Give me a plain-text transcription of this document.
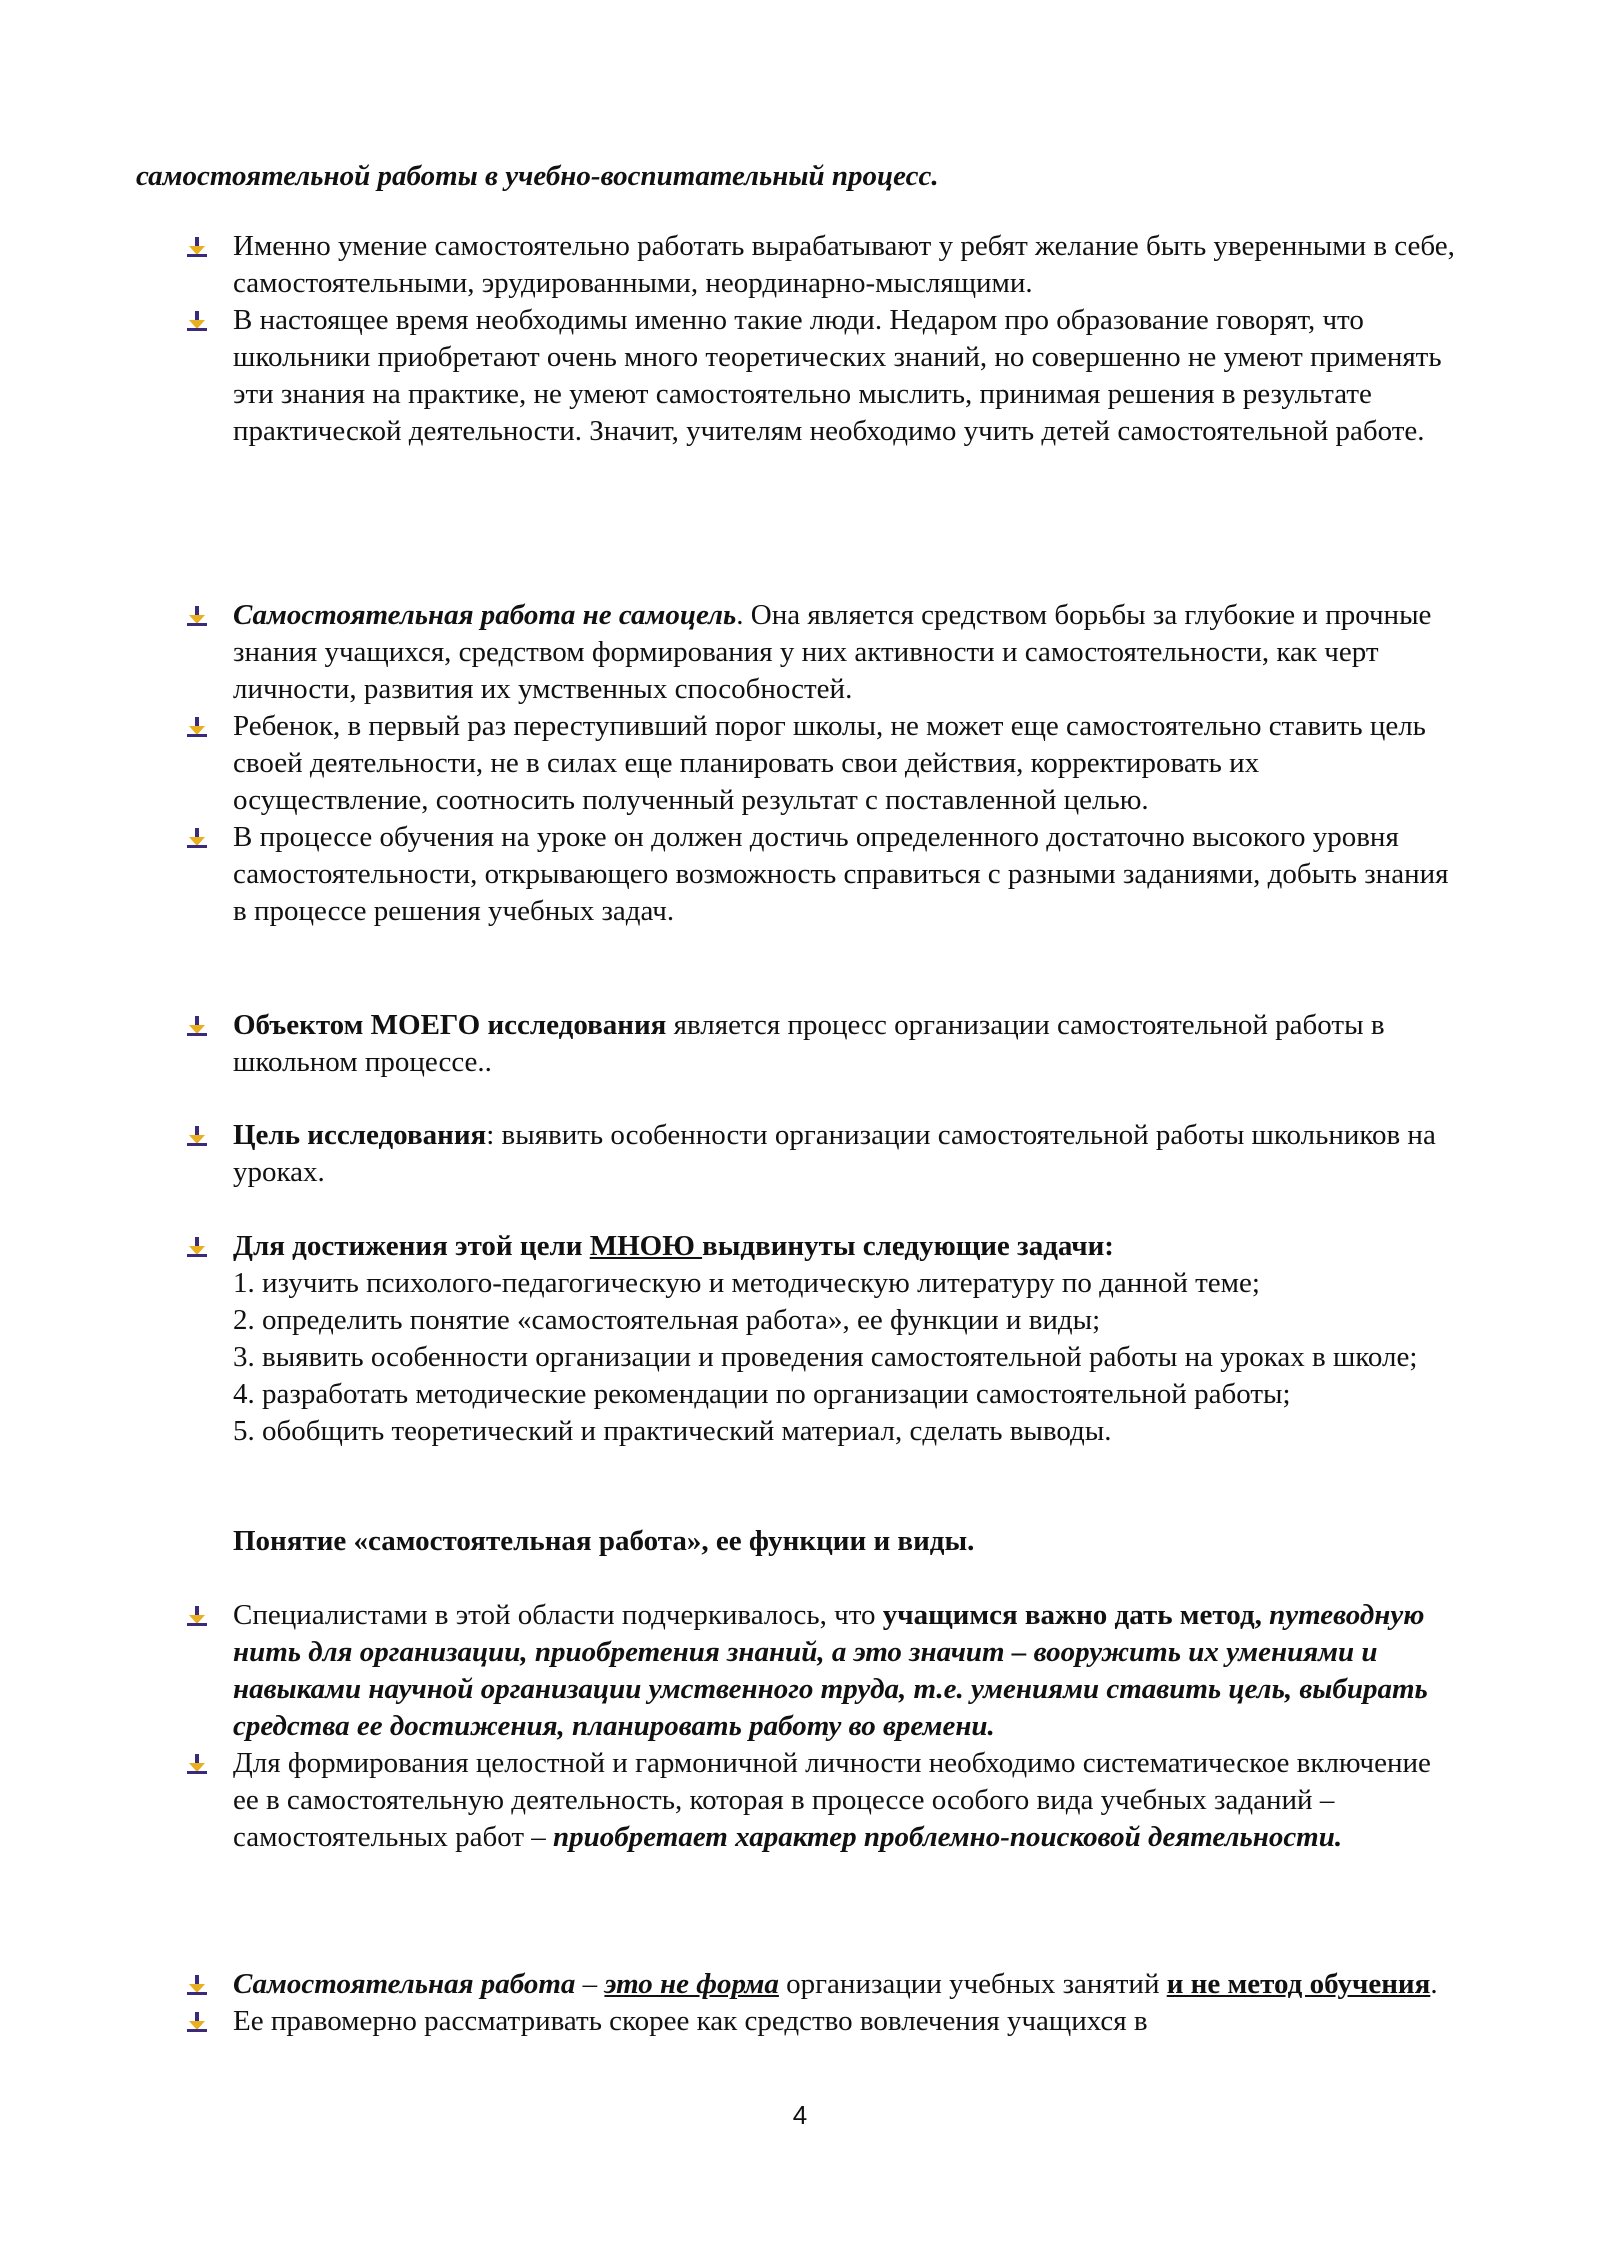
самостоятельной работы в учебно-воспитательный процесс.
Именно умение самостоятельно работать вырабатывают у ребят желание быть уверенными в себе, самостоятельными, эрудированными, неординарно-мыслящими.
В настоящее время необходимы именно такие люди. Недаром про образование говорят, что школьники приобретают очень много теоретических знаний, но совершенно не умеют применять эти знания на практике, не умеют самостоятельно мыслить, принимая решения в результате практической деятельности. Значит, учителям необходимо учить детей самостоятельной работе.
Самостоятельная работа не самоцель. Она является средством борьбы за глубокие и прочные знания учащихся, средством формирования у них активности и самостоятельности, как черт личности, развития их умственных способностей.
Ребенок, в первый раз переступивший порог школы, не может еще самостоятельно ставить цель своей деятельности, не в силах еще планировать свои действия, корректировать их осуществление, соотносить полученный результат с поставленной целью.
В процессе обучения на уроке он должен достичь определенного достаточно высокого уровня самостоятельности, открывающего возможность справиться с разными заданиями, добыть знания в процессе решения учебных задач.
Объектом МОЕГО исследования является процесс организации самостоятельной работы в школьном процессе..
Цель исследования: выявить особенности организации самостоятельной работы школьников на уроках.
Для достижения этой цели МНОЮ выдвинуты следующие задачи:
1. изучить психолого-педагогическую и методическую литературу по данной теме;
2. определить понятие «самостоятельная работа», ее функции и виды;
3. выявить особенности организации и проведения самостоятельной работы на уроках в школе;
4. разработать методические рекомендации по организации самостоятельной работы;
5. обобщить теоретический и практический материал, сделать выводы.
Понятие «самостоятельная работа», ее функции и виды.
Специалистами в этой области подчеркивалось, что учащимся важно дать метод, путеводную нить для организации, приобретения знаний, а это значит – вооружить их умениями и навыками научной организации умственного труда, т.е. умениями ставить цель, выбирать средства ее достижения, планировать работу во времени.
Для формирования целостной и гармоничной личности необходимо систематическое включение ее в самостоятельную деятельность, которая в процессе особого вида учебных заданий – самостоятельных работ – приобретает характер проблемно-поисковой деятельности.
Самостоятельная работа – это не форма организации учебных занятий и не метод обучения.
Ее правомерно рассматривать скорее как средство вовлечения учащихся в
4
